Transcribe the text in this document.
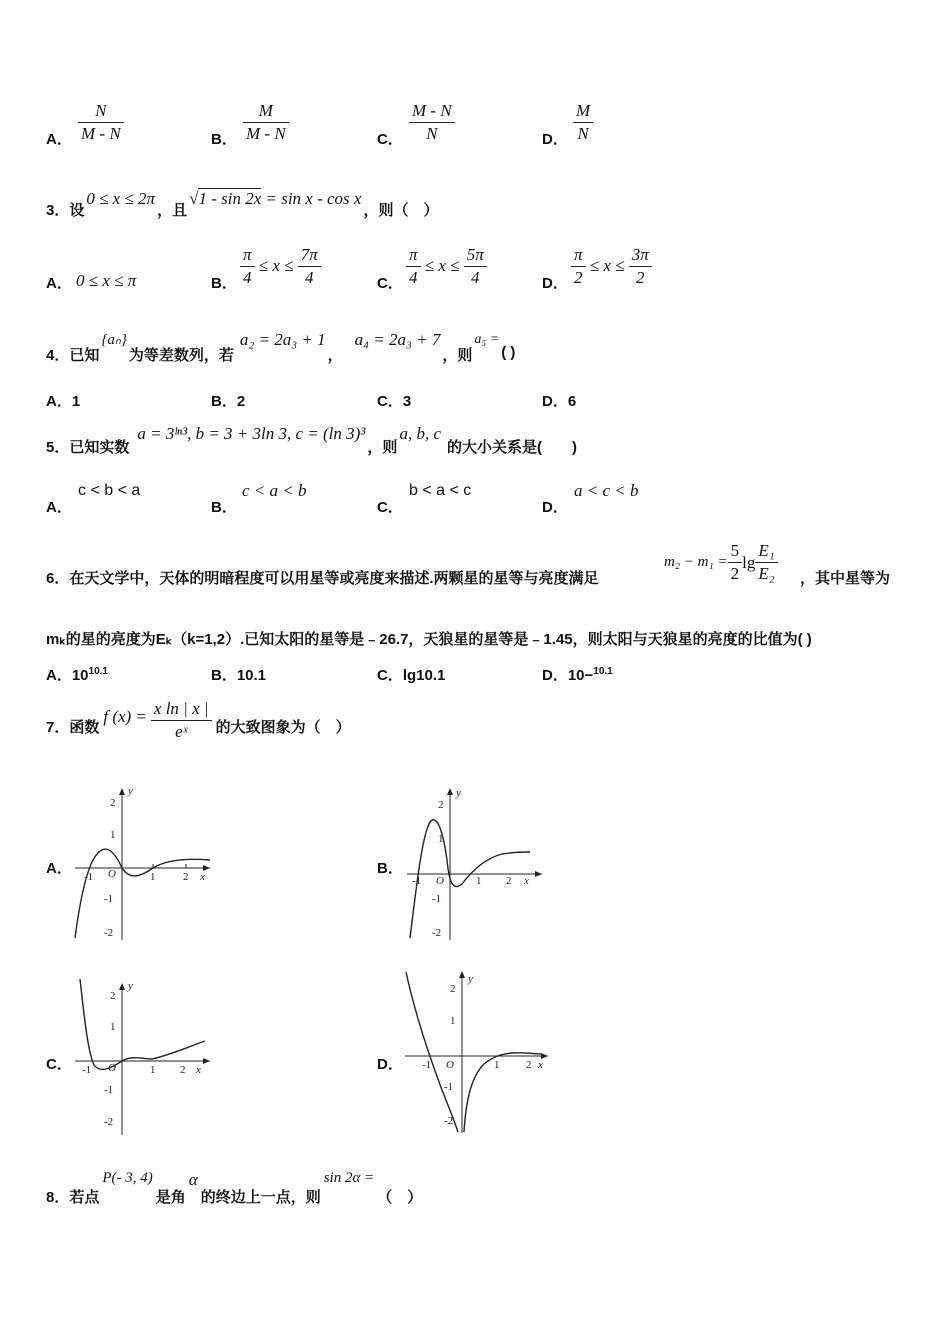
A． $\frac{N}{M - N}$	B． $\frac{M}{M - N}$	C． $\frac{M - N}{N}$	D． $\frac{M}{N}$
3．设
0 ≤ x ≤ 2π
，且
√1 - sin 2x = sin x - cos x
，则（　）
A． 0 ≤ x ≤ π	B． $\frac{\pi}{4} \le x \le \frac{7\pi}{4}$	C． $\frac{\pi}{4} \le x \le \frac{5\pi}{4}$	D． $\frac{\pi}{2} \le x \le \frac{3\pi}{2}$
4．已知
{aₙ}
为等差数列，若
a₂ = 2a₃ + 1
，
a₄ = 2a₃ + 7
，则
a₅ =
( )
A．1	B．2	C．3	D．6
5．已知实数
a = 3ˡⁿ³, b = 3 + 3ln 3, c = (ln 3)³
，则
a, b, c
的大小关系是(　　)
A．
c < b < a
B．
c < a < b
C．
b < a < c
D．
a < c < b
6．在天文学中，天体的明暗程度可以用星等或亮度来描述.两颗星的星等与亮度满足
$m_2 - m_1 = \frac{5}{2}$ $\lg \frac{\text{E₁}}{\text{E₂}}$ ，其中星等为
mₖ的星的亮度为Eₖ（k=1,2）.已知太阳的星等是﹣26.7，天狼星的星等是﹣1.45，则太阳与天狼星的亮度的比值为( )
A．$10^{10.1}$	B．10.1	C．lg10.1	D．10−$^{10.1}$
7．函数
f $(x) = \frac{\text{x ln | x |}}{\text{eˣ}}$ 的大致图象为（　）
A．	B．
C．	D．
y
x
O
2
1
-1
-2
-1	1	2
y
x
O
2
1
-1
-2
-1	1 2
y
x
O
2
1
-1
-2
-1	1 2
y
x
O
2
1
-1
-2
-1	1 2
8．若点
P(- 3, 4)
是角
α
的终边上一点，则
sin 2α =
（　）
